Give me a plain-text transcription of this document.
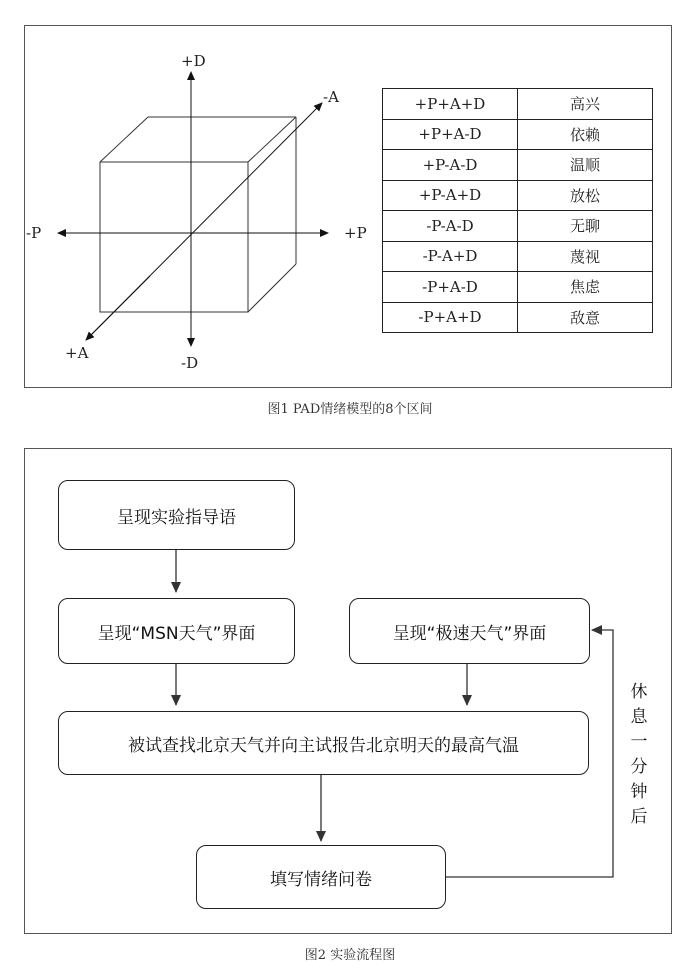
+D
-D
-P	+P
-A
+A
+P+A+D	高兴
+P+A-D	依赖
+P-A-D	温顺
+P-A+D	放松
-P-A-D	无聊
-P-A+D	蔑视
-P+A-D	焦虑
-P+A+D	敌意
图1 PAD情绪模型的8个区间
呈现实验指导语
呈现“MSN天气”界面	呈现“极速天气”界面
被试查找北京天气并向主试报告北京明天的最高气温
填写情绪问卷
休
息
一
分
钟
后
图2 实验流程图
